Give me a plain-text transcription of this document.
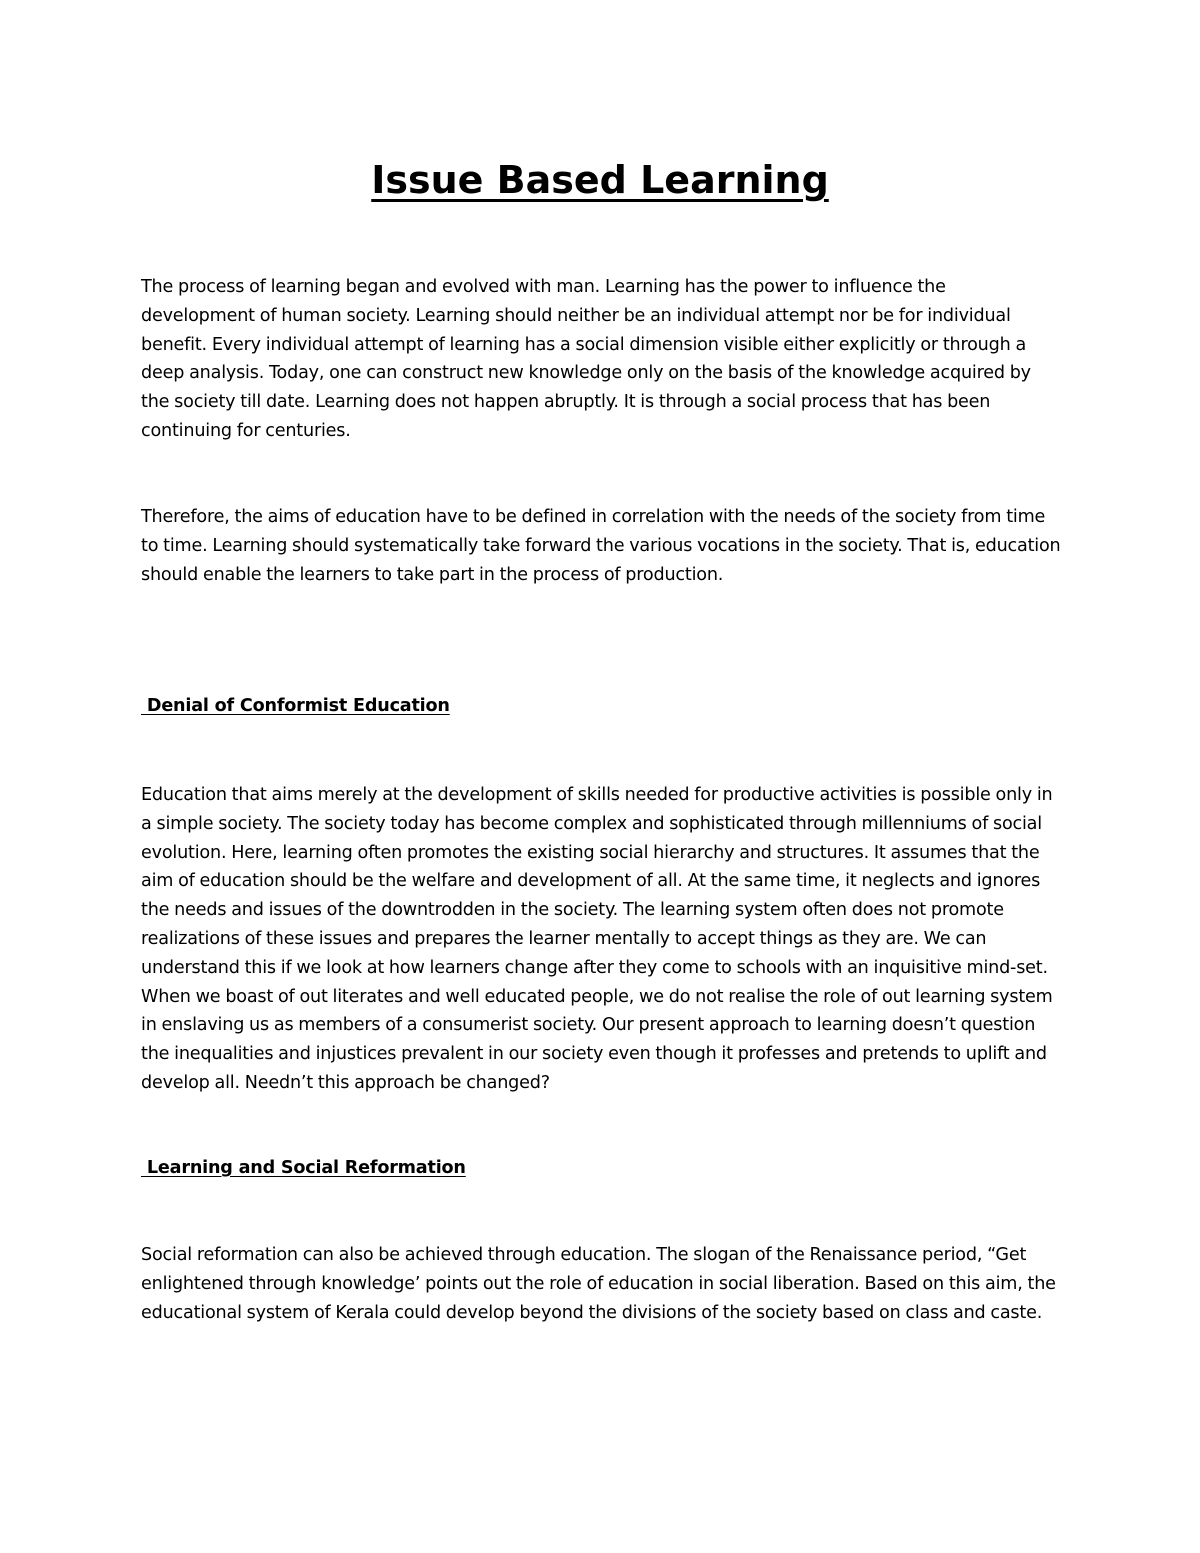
Issue Based Learning

The process of learning began and evolved with man. Learning has the power to influence the development of human society. Learning should neither be an individual attempt nor be for individual benefit. Every individual attempt of learning has a social dimension visible either explicitly or through a deep analysis. Today, one can construct new knowledge only on the basis of the knowledge acquired by the society till date. Learning does not happen abruptly. It is through a social process that has been continuing for centuries.

Therefore, the aims of education have to be defined in correlation with the needs of the society from time to time. Learning should systematically take forward the various vocations in the society. That is, education should enable the learners to take part in the process of production.

Denial of Conformist Education

Education that aims merely at the development of skills needed for productive activities is possible only in a simple society. The society today has become complex and sophisticated through millenniums of social evolution. Here, learning often promotes the existing social hierarchy and structures. It assumes that the aim of education should be the welfare and development of all. At the same time, it neglects and ignores the needs and issues of the downtrodden in the society. The learning system often does not promote realizations of these issues and prepares the learner mentally to accept things as they are. We can understand this if we look at how learners change after they come to schools with an inquisitive mind-set. When we boast of out literates and well educated people, we do not realise the role of out learning system in enslaving us as members of a consumerist society. Our present approach to learning doesn’t question the inequalities and injustices prevalent in our society even though it professes and pretends to uplift and develop all. Needn’t this approach be changed?

Learning and Social Reformation

Social reformation can also be achieved through education. The slogan of the Renaissance period, “Get enlightened through knowledge’ points out the role of education in social liberation. Based on this aim, the educational system of Kerala could develop beyond the divisions of the society based on class and caste.
